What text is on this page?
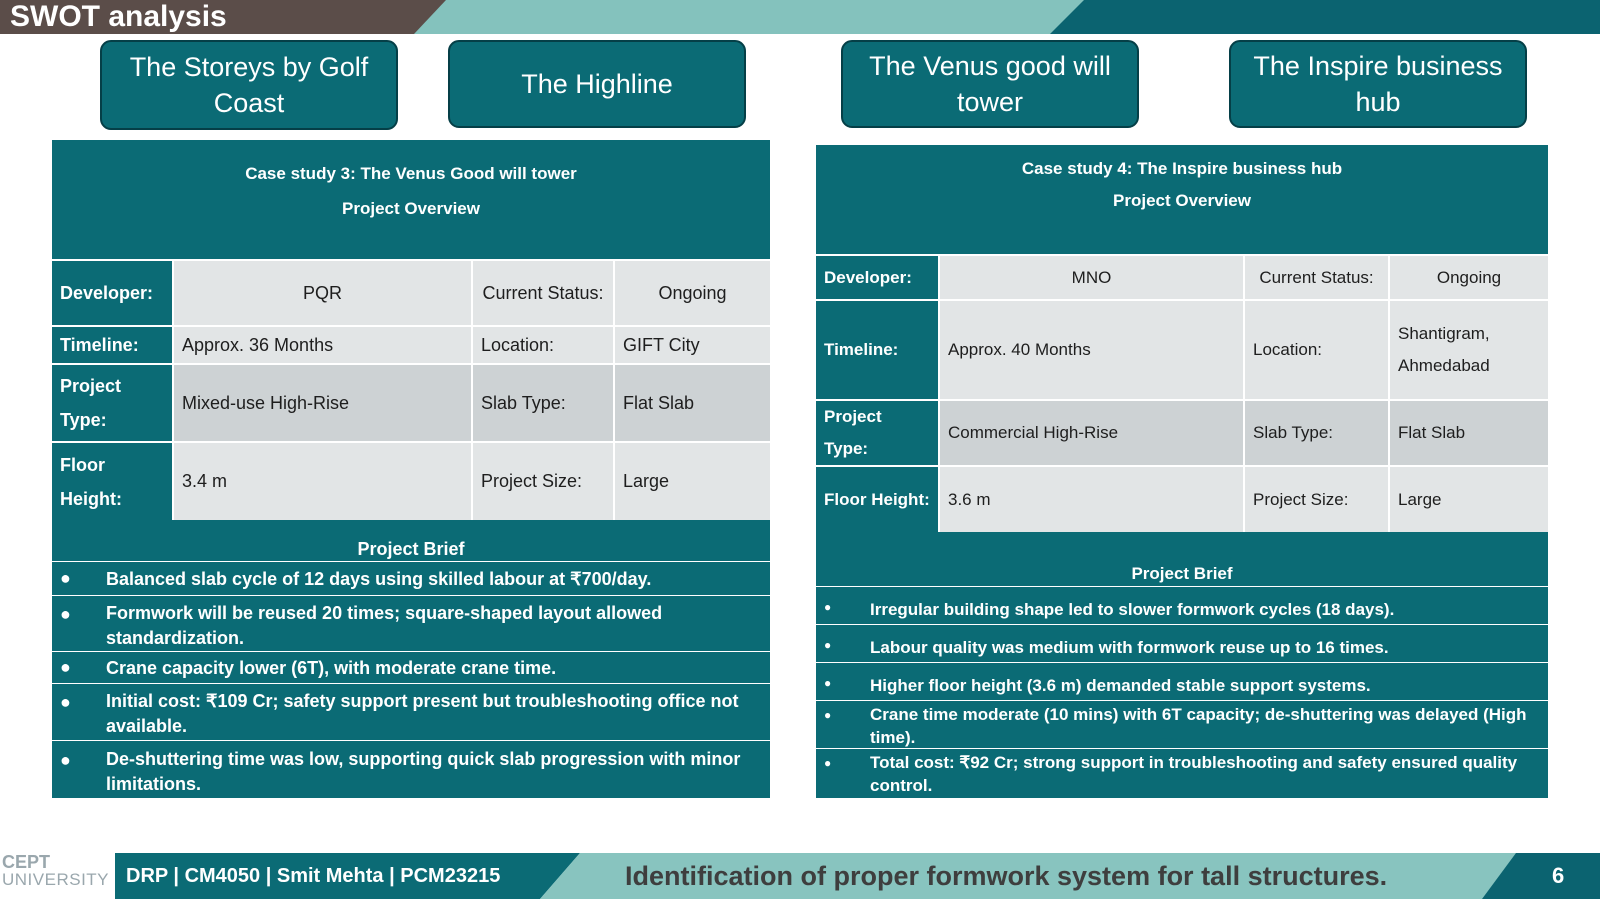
SWOT analysis
The Storeys by Golf Coast
The Highline
The Venus good will tower
The Inspire business hub
Case study 3: The Venus Good will tower
Project Overview
Developer:	PQR	Current Status:	Ongoing
Timeline:	Approx. 36 Months	Location:	GIFT City
Project Type:	Mixed-use High-Rise	Slab Type:	Flat Slab
Floor Height:	3.4 m	Project Size:	Large
Project Brief
● Balanced slab cycle of 12 days using skilled labour at ₹700/day.
● Formwork will be reused 20 times; square-shaped layout allowed standardization.
● Crane capacity lower (6T), with moderate crane time.
● Initial cost: ₹109 Cr; safety support present but troubleshooting office not available.
● De-shuttering time was low, supporting quick slab progression with minor limitations.
Case study 4: The Inspire business hub
Project Overview
Developer:	MNO	Current Status:	Ongoing
Timeline:	Approx. 40 Months	Location:	Shantigram, Ahmedabad
Project Type:	Commercial High-Rise	Slab Type:	Flat Slab
Floor Height:	3.6 m	Project Size:	Large
Project Brief
● Irregular building shape led to slower formwork cycles (18 days).
● Labour quality was medium with formwork reuse up to 16 times.
● Higher floor height (3.6 m) demanded stable support systems.
● Crane time moderate (10 mins) with 6T capacity; de-shuttering was delayed (High time).
● Total cost: ₹92 Cr; strong support in troubleshooting and safety ensured quality control.
CEPT
UNIVERSITY DRP | CM4050 | Smit Mehta | PCM23215	Identification of proper formwork system for tall structures.	6
